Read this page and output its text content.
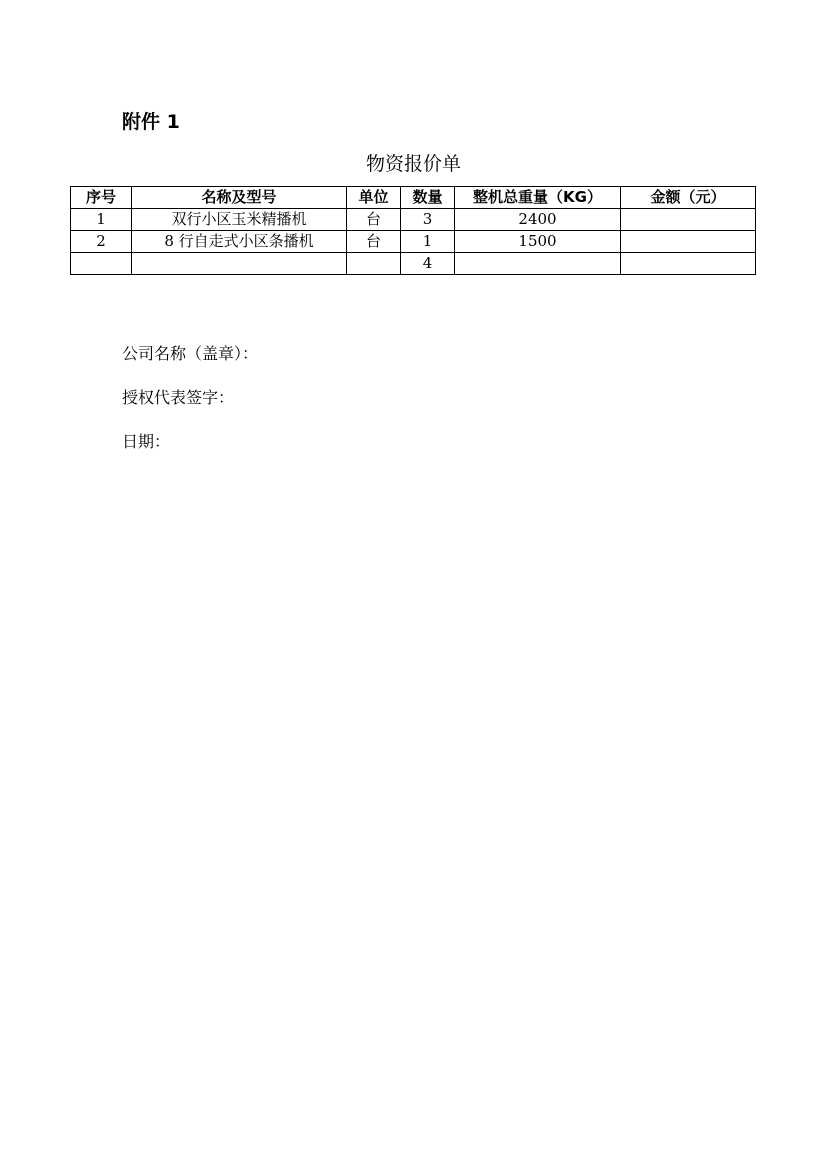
附件 1
物资报价单
序号	名称及型号	单位	数量	整机总重量（KG）	金额（元）
1	双行小区玉米精播机	台	3	2400	
2	8 行自走式小区条播机	台	1	1500	
			4		
公司名称（盖章）：
授权代表签字：
日期：
